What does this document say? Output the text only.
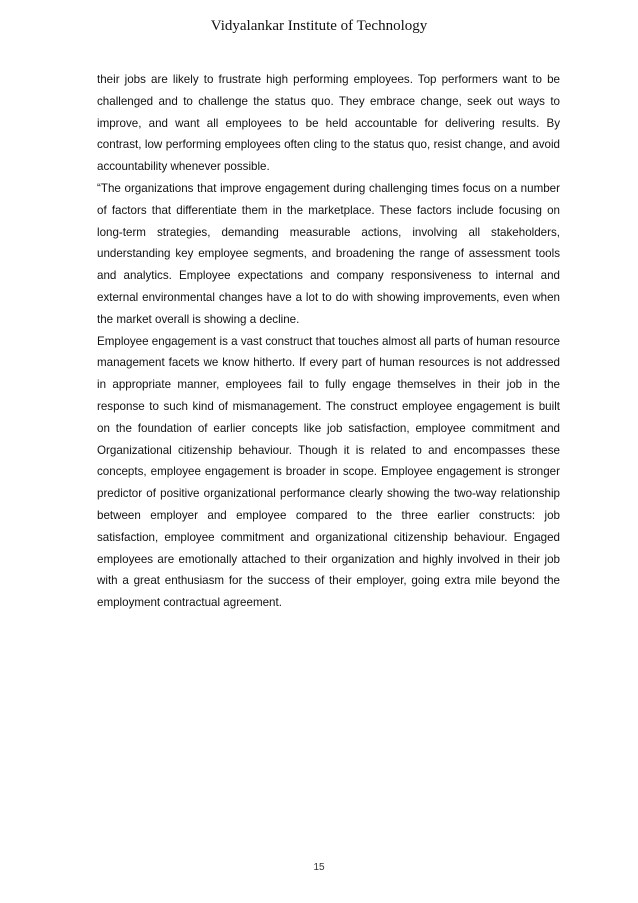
Vidyalankar Institute of Technology

their jobs are likely to frustrate high performing employees. Top performers want to be challenged and to challenge the status quo. They embrace change, seek out ways to improve, and want all employees to be held accountable for delivering results. By contrast, low performing employees often cling to the status quo, resist change, and avoid accountability whenever possible.

“The organizations that improve engagement during challenging times focus on a number of factors that differentiate them in the marketplace. These factors include focusing on long-term strategies, demanding measurable actions, involving all stakeholders, understanding key employee segments, and broadening the range of assessment tools and analytics. Employee expectations and company responsiveness to internal and external environmental changes have a lot to do with showing improvements, even when the market overall is showing a decline.

Employee engagement is a vast construct that touches almost all parts of human resource management facets we know hitherto. If every part of human resources is not addressed in appropriate manner, employees fail to fully engage themselves in their job in the response to such kind of mismanagement. The construct employee engagement is built on the foundation of earlier concepts like job satisfaction, employee commitment and Organizational citizenship behaviour. Though it is related to and encompasses these concepts, employee engagement is broader in scope. Employee engagement is stronger predictor of positive organizational performance clearly showing the two-way relationship between employer and employee compared to the three earlier constructs: job satisfaction, employee commitment and organizational citizenship behaviour. Engaged employees are emotionally attached to their organization and highly involved in their job with a great enthusiasm for the success of their employer, going extra mile beyond the employment contractual agreement.

15
